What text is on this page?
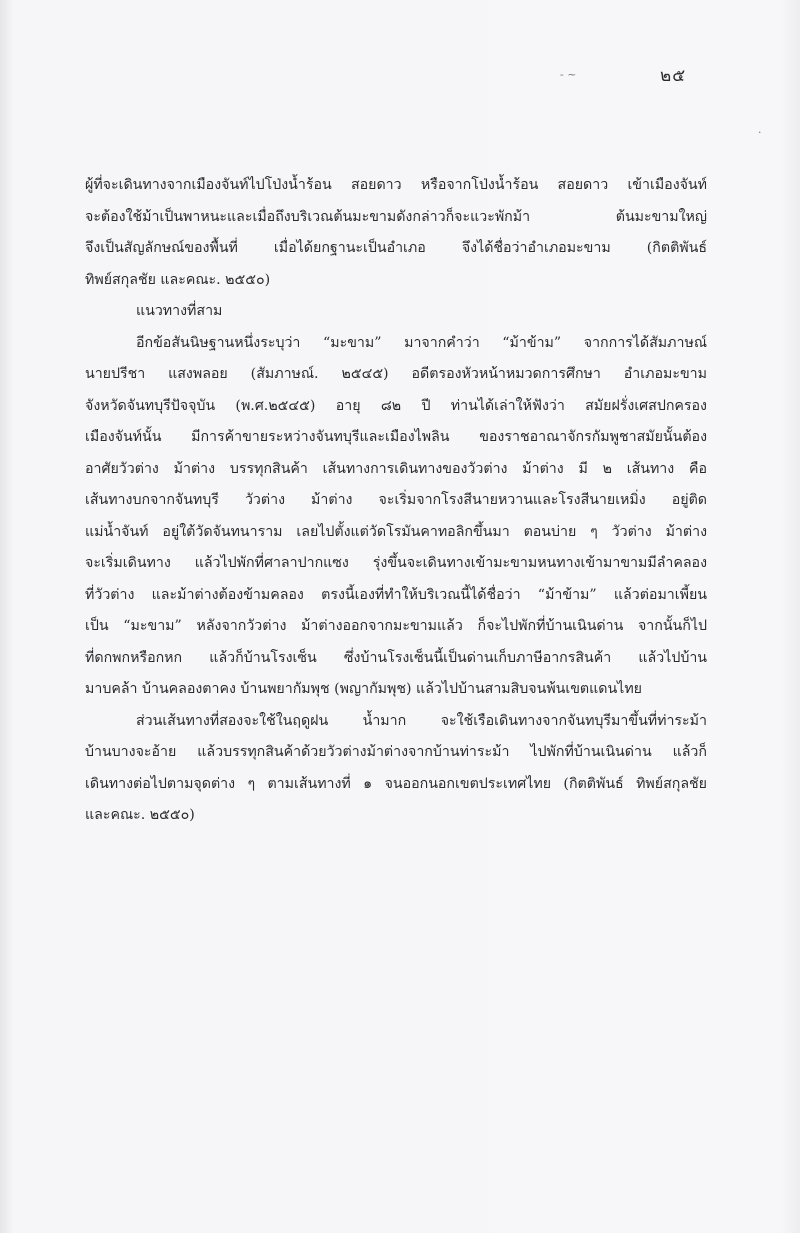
- ~
·
๒๕
ผู้ที่จะเดินทางจากเมืองจันท์ไปโป่งน้ำร้อน สอยดาว หรือจากโป่งน้ำร้อน สอยดาว เข้าเมืองจันท์
จะต้องใช้ม้าเป็นพาหนะและเมื่อถึงบริเวณต้นมะขามดังกล่าวก็จะแวะพักม้า ต้นมะขามใหญ่
จึงเป็นสัญลักษณ์ของพื้นที่ เมื่อได้ยกฐานะเป็นอำเภอ จึงได้ชื่อว่าอำเภอมะขาม (กิตติพันธ์
ทิพย์สกุลชัย และคณะ. ๒๕๕๐)
แนวทางที่สาม
อีกข้อสันนิษฐานหนึ่งระบุว่า “มะขาม” มาจากคำว่า “ม้าข้าม” จากการได้สัมภาษณ์
นายปรีชา แสงพลอย (สัมภาษณ์. ๒๕๔๕) อดีตรองหัวหน้าหมวดการศึกษา อำเภอมะขาม
จังหวัดจันทบุรีปัจจุบัน (พ.ศ.๒๕๔๕) อายุ ๘๒ ปี ท่านได้เล่าให้ฟังว่า สมัยฝรั่งเศสปกครอง
เมืองจันท์นั้น มีการค้าขายระหว่างจันทบุรีและเมืองไพลิน ของราชอาณาจักรกัมพูชาสมัยนั้นต้อง
อาศัยวัวต่าง ม้าต่าง บรรทุกสินค้า เส้นทางการเดินทางของวัวต่าง ม้าต่าง มี ๒ เส้นทาง คือ
เส้นทางบกจากจันทบุรี วัวต่าง ม้าต่าง จะเริ่มจากโรงสีนายหวานและโรงสีนายเหมิ่ง อยู่ติด
แม่น้ำจันท์ อยู่ใต้วัดจันทนาราม เลยไปตั้งแต่วัดโรมันคาทอลิกขึ้นมา ตอนบ่าย ๆ วัวต่าง ม้าต่าง
จะเริ่มเดินทาง แล้วไปพักที่ศาลาปากแซง รุ่งขึ้นจะเดินทางเข้ามะขามหนทางเข้ามาขามมีลำคลอง
ที่วัวต่าง และม้าต่างต้องข้ามคลอง ตรงนี้เองที่ทำให้บริเวณนี้ได้ชื่อว่า “ม้าข้าม” แล้วต่อมาเพี้ยน
เป็น “มะขาม” หลังจากวัวต่าง ม้าต่างออกจากมะขามแล้ว ก็จะไปพักที่บ้านเนินด่าน จากนั้นก็ไป
ที่ดกพกหรือกหก แล้วก็บ้านโรงเซ็น ซึ่งบ้านโรงเซ็นนี้เป็นด่านเก็บภาษีอากรสินค้า แล้วไปบ้าน
มาบคล้า บ้านคลองตาคง บ้านพยากัมพุช (พญากัมพุช) แล้วไปบ้านสามสิบจนพ้นเขตแดนไทย
ส่วนเส้นทางที่สองจะใช้ในฤดูฝน น้ำมาก จะใช้เรือเดินทางจากจันทบุรีมาขึ้นที่ท่าระม้า
บ้านบางจะอ้าย แล้วบรรทุกสินค้าด้วยวัวต่างม้าต่างจากบ้านท่าระม้า ไปพักที่บ้านเนินด่าน แล้วก็
เดินทางต่อไปตามจุดต่าง ๆ ตามเส้นทางที่ ๑ จนออกนอกเขตประเทศไทย (กิตติพันธ์ ทิพย์สกุลชัย
และคณะ. ๒๕๕๐)
